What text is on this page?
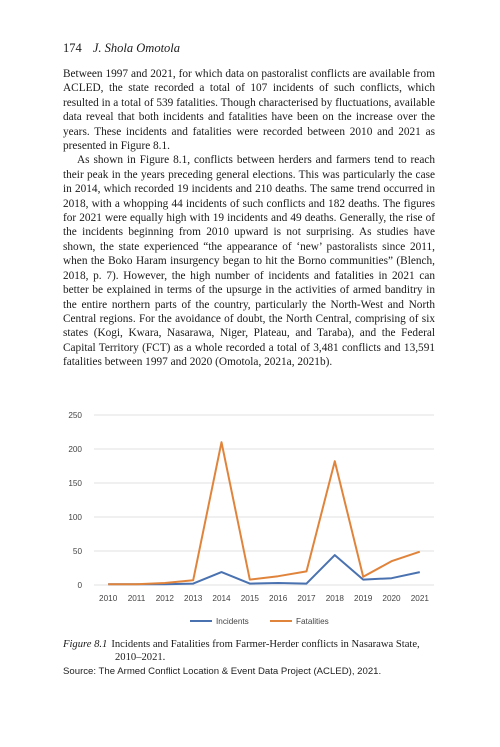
174 J. Shola Omotola

Between 1997 and 2021, for which data on pastoralist conflicts are available from ACLED, the state recorded a total of 107 incidents of such conflicts, which resulted in a total of 539 fatalities. Though characterised by fluctuations, available data reveal that both incidents and fatalities have been on the increase over the years. These incidents and fatalities were recorded between 2010 and 2021 as presented in Figure 8.1.

As shown in Figure 8.1, conflicts between herders and farmers tend to reach their peak in the years preceding general elections. This was particularly the case in 2014, which recorded 19 incidents and 210 deaths. The same trend occurred in 2018, with a whopping 44 incidents of such conflicts and 182 deaths. The figures for 2021 were equally high with 19 incidents and 49 deaths. Generally, the rise of the incidents beginning from 2010 upward is not surprising. As studies have shown, the state experienced “the appearance of ‘new’ pastoralists since 2011, when the Boko Haram insurgency began to hit the Borno communities” (Blench, 2018, p. 7). However, the high number of incidents and fatalities in 2021 can better be explained in terms of the upsurge in the activities of armed banditry in the entire northern parts of the country, particularly the North-West and North Central regions. For the avoidance of doubt, the North Central, comprising of six states (Kogi, Kwara, Nasarawa, Niger, Plateau, and Taraba), and the Federal Capital Territory (FCT) as a whole recorded a total of 3,481 conflicts and 13,591 fatalities between 1997 and 2020 (Omotola, 2021a, 2021b).

0
50
100
150
200
250
2010 2011 2012 2013 2014 2015 2016 2017 2018 2019 2020 2021
Incidents	Fatalities
Figure 8.1 Incidents and Fatalities from Farmer-Herder conflicts in Nasarawa State,
2010–2021.
Source: The Armed Conflict Location & Event Data Project (ACLED), 2021.
